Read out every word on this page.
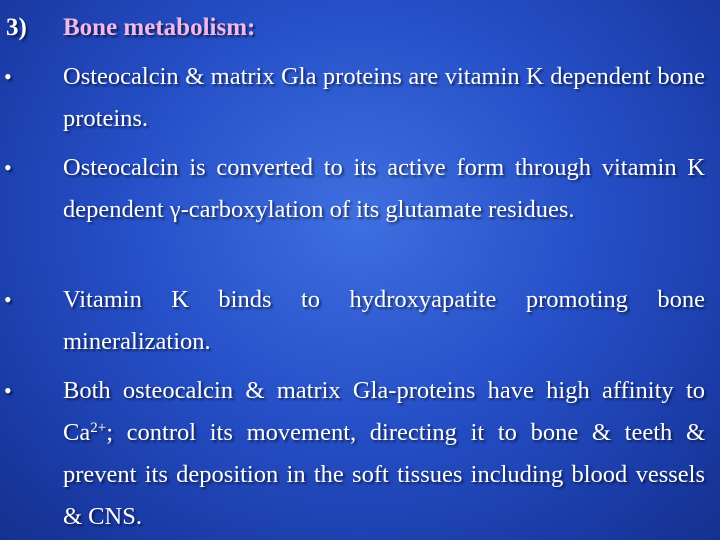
3) Bone metabolism:
•	Osteocalcin & matrix Gla proteins are vitamin K dependent bone proteins.
•	Osteocalcin is converted to its active form through vitamin K dependent γ-carboxylation of its glutamate residues.
•	Vitamin K binds to hydroxyapatite promoting bone mineralization.
•	Both osteocalcin & matrix Gla-proteins have high affinity to $Ca^{2+}$; control its movement, directing it to bone & teeth & prevent its deposition in the soft tissues including blood vessels & CNS.
